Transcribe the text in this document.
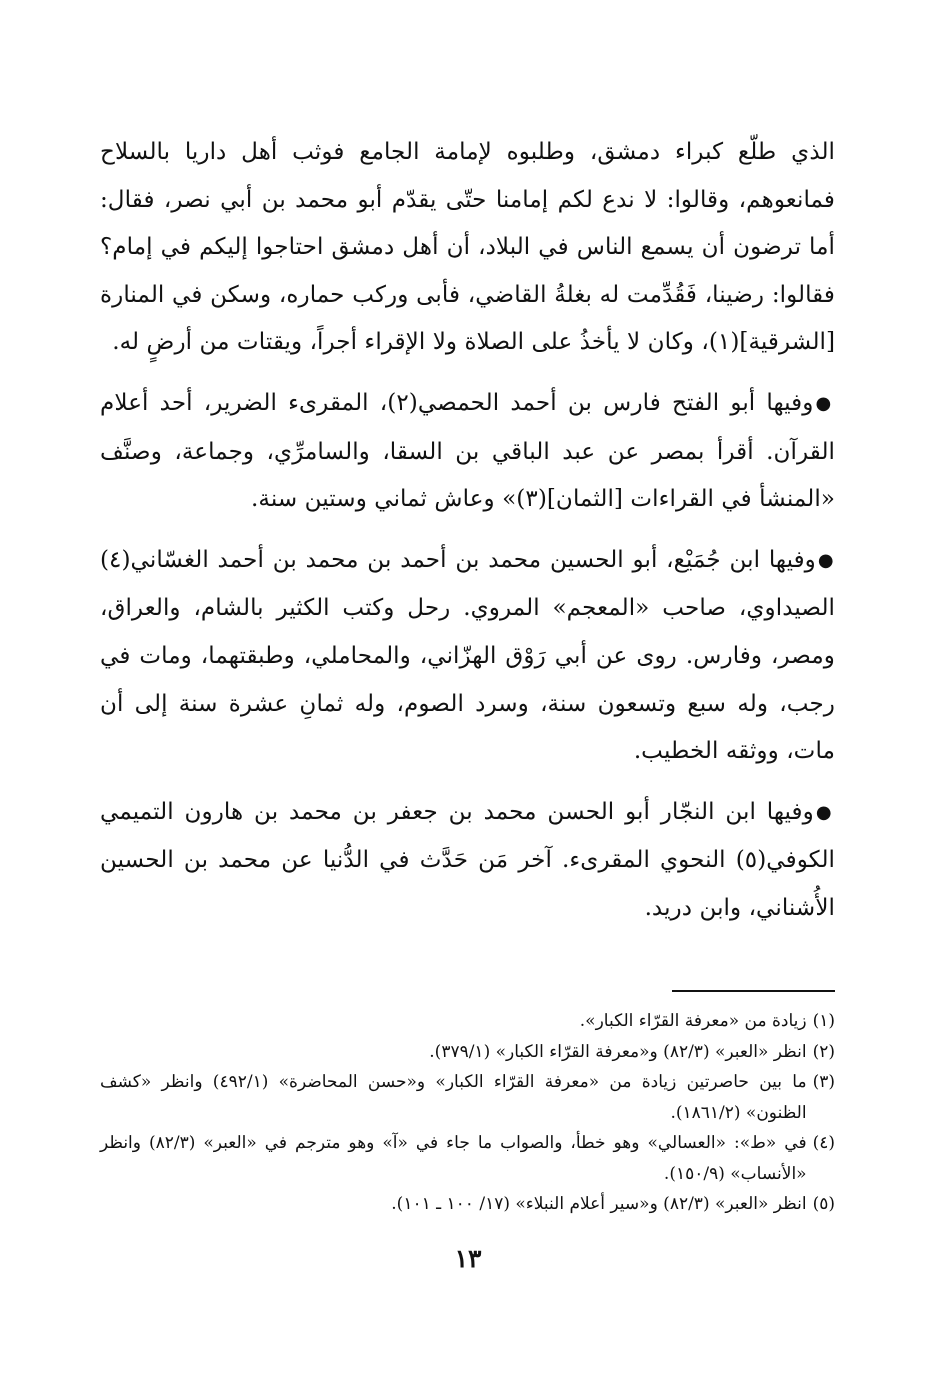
الذي طلّع كبراء دمشق، وطلبوه لإمامة الجامع فوثب أهل داريا بالسلاح فمانعوهم، وقالوا: لا ندع لكم إمامنا حتّى يقدّم أبو محمد بن أبي نصر، فقال: أما ترضون أن يسمع الناس في البلاد، أن أهل دمشق احتاجوا إليكم في إمام؟ فقالوا: رضينا، فَقُدِّمت له بغلةُ القاضي، فأبى وركب حماره، وسكن في المنارة [الشرقية](١)، وكان لا يأخذُ على الصلاة ولا الإقراء أجراً، ويقتات من أرضٍ له.

●وفيها أبو الفتح فارس بن أحمد الحمصي(٢)، المقرىء الضرير، أحد أعلام القرآن. أقرأ بمصر عن عبد الباقي بن السقا، والسامرِّي، وجماعة، وصنَّف «المنشأ في القراءات [الثمان](٣)» وعاش ثماني وستين سنة.

●وفيها ابن جُمَيْع، أبو الحسين محمد بن أحمد بن محمد بن أحمد الغسّاني(٤) الصيداوي، صاحب «المعجم» المروي. رحل وكتب الكثير بالشام، والعراق، ومصر، وفارس. روى عن أبي رَوْق الهزّاني، والمحاملي، وطبقتهما، ومات في رجب، وله سبع وتسعون سنة، وسرد الصوم، وله ثمانِ عشرة سنة إلى أن مات، ووثقه الخطيب.

●وفيها ابن النجّار أبو الحسن محمد بن جعفر بن محمد بن هارون التميمي الكوفي(٥) النحوي المقرىء. آخر مَن حَدَّث في الدُّنيا عن محمد بن الحسين الأُشناني، وابن دريد.

(١)
زيادة من «معرفة القرّاء الكبار».
(٢)
انظر «العبر» (٨٢/٣) و«معرفة القرّاء الكبار» (٣٧٩/١).
(٣)
ما بين حاصرتين زيادة من «معرفة القرّاء الكبار» و«حسن المحاضرة» (٤٩٢/١) وانظر «كشف الظنون» (١٨٦١/٢).
(٤)
في «ط»: «العسالي» وهو خطأ، والصواب ما جاء في «آ» وهو مترجم في «العبر» (٨٢/٣) وانظر «الأنساب» (١٥٠/٩).
(٥)
انظر «العبر» (٨٢/٣) و«سير أعلام النبلاء» (١٧/ ١٠٠ ـ ١٠١).
١٣
